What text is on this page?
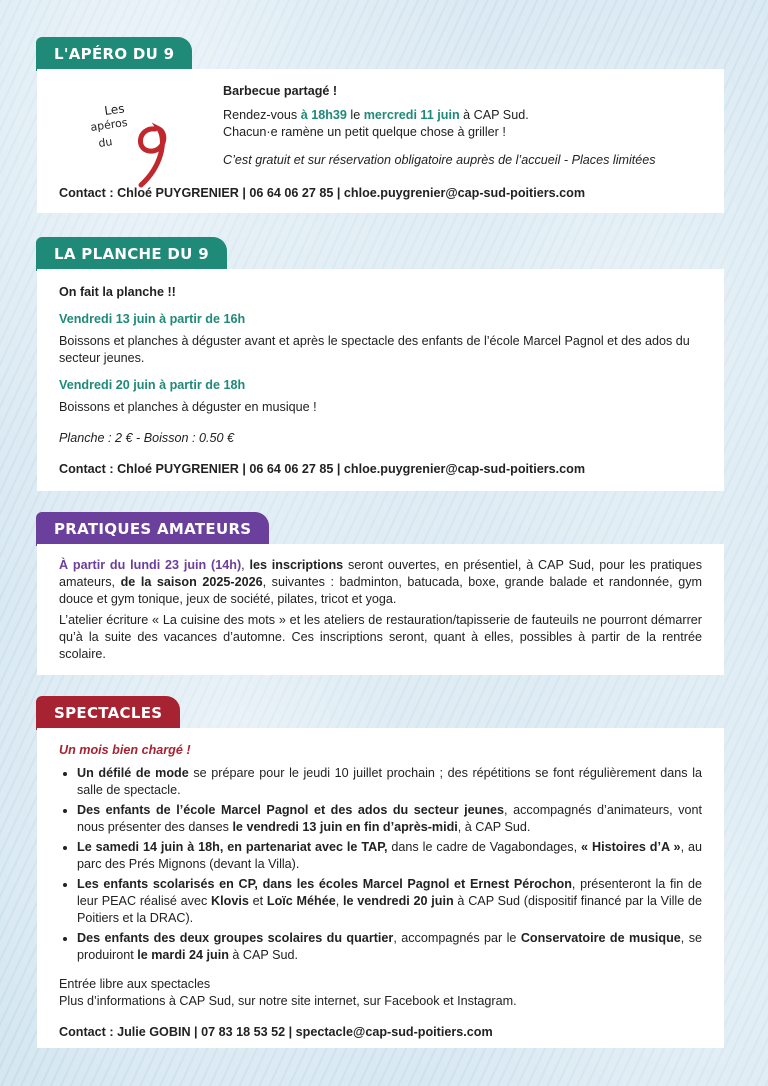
L'APÉRO DU 9
Les
apéros
du

Barbecue partagé !

Rendez-vous à 18h39 le mercredi 11 juin à CAP Sud.

Chacun·e ramène un petit quelque chose à griller !

C’est gratuit et sur réservation obligatoire auprès de l’accueil - Places limitées

Contact : Chloé PUYGRENIER | 06 64 06 27 85 | chloe.puygrenier@cap-sud-poitiers.com

LA PLANCHE DU 9

On fait la planche !!

Vendredi 13 juin à partir de 16h

Boissons et planches à déguster avant et après le spectacle des enfants de l’école Marcel Pagnol et des ados du secteur jeunes.

Vendredi 20 juin à partir de 18h

Boissons et planches à déguster en musique !

Planche : 2 € - Boisson : 0.50 €

Contact : Chloé PUYGRENIER | 06 64 06 27 85 | chloe.puygrenier@cap-sud-poitiers.com

PRATIQUES AMATEURS

À partir du lundi 23 juin (14h), les inscriptions seront ouvertes, en présentiel, à CAP Sud, pour les pratiques amateurs, de la saison 2025-2026, suivantes : badminton, batucada, boxe, grande balade et randonnée, gym douce et gym tonique, jeux de société, pilates, tricot et yoga.

L’atelier écriture « La cuisine des mots » et les ateliers de restauration/tapisserie de fauteuils ne pourront démarrer qu’à la suite des vacances d’automne. Ces inscriptions seront, quant à elles, possibles à partir de la rentrée scolaire.

SPECTACLES

Un mois bien chargé !

• Un défilé de mode se prépare pour le jeudi 10 juillet prochain ; des répétitions se font régulièrement dans la salle de spectacle.
• Des enfants de l’école Marcel Pagnol et des ados du secteur jeunes, accompagnés d’animateurs, vont nous présenter des danses le vendredi 13 juin en fin d’après-midi, à CAP Sud.
• Le samedi 14 juin à 18h, en partenariat avec le TAP, dans le cadre de Vagabondages, « Histoires d’A », au parc des Prés Mignons (devant la Villa).
• Les enfants scolarisés en CP, dans les écoles Marcel Pagnol et Ernest Pérochon, présenteront la fin de leur PEAC réalisé avec Klovis et Loïc Méhée, le vendredi 20 juin à CAP Sud (dispositif financé par la Ville de Poitiers et la DRAC).
• Des enfants des deux groupes scolaires du quartier, accompagnés par le Conservatoire de musique, se produiront le mardi 24 juin à CAP Sud.

Entrée libre aux spectacles

Plus d’informations à CAP Sud, sur notre site internet, sur Facebook et Instagram.

Contact : Julie GOBIN | 07 83 18 53 52 | spectacle@cap-sud-poitiers.com
